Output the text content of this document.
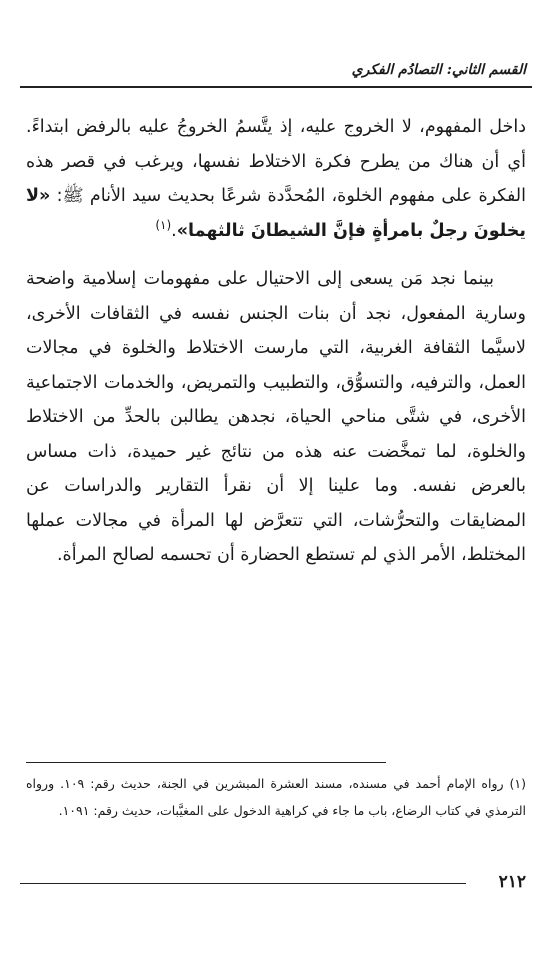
القسم الثاني: التصادُم الفكري

داخل المفهوم، لا الخروج عليه، إذ يتَّسمُ الخروجُ عليه بالرفض ابتداءً. أي أن هناك من يطرح فكرة الاختلاط نفسها، ويرغب في قصر هذه الفكرة على مفهوم الخلوة، المُحدَّدة شرعًا بحديث سيد الأنام ﷺ: «لا يخلونَ رجلٌ بامرأةٍ فإنَّ الشيطانَ ثالثهما».$^{(١)}$

بينما نجد مَن يسعى إلى الاحتيال على مفهومات إسلامية واضحة وسارية المفعول، نجد أن بنات الجنس نفسه في الثقافات الأخرى، لاسيَّما الثقافة الغربية، التي مارست الاختلاط والخلوة في مجالات العمل، والترفيه، والتسوُّق، والتطبيب والتمريض، والخدمات الاجتماعية الأخرى، في شتَّى مناحي الحياة، نجدهن يطالبن بالحدِّ من الاختلاط والخلوة، لما تمخَّضت عنه هذه من نتائج غير حميدة، ذات مساس بالعرض نفسه. وما علينا إلا أن نقرأ التقارير والدراسات عن المضايقات والتحرُّشات، التي تتعرَّض لها المرأة في مجالات عملها المختلط، الأمر الذي لم تستطع الحضارة أن تحسمه لصالح المرأة.

(١) رواه الإمام أحمد في مسنده، مسند العشرة المبشرين في الجنة، حديث رقم: ١٠٩. ورواه الترمذي في كتاب الرضاع، باب ما جاء في كراهية الدخول على المغيَّبات، حديث رقم: ١٠٩١.

٢١٢
